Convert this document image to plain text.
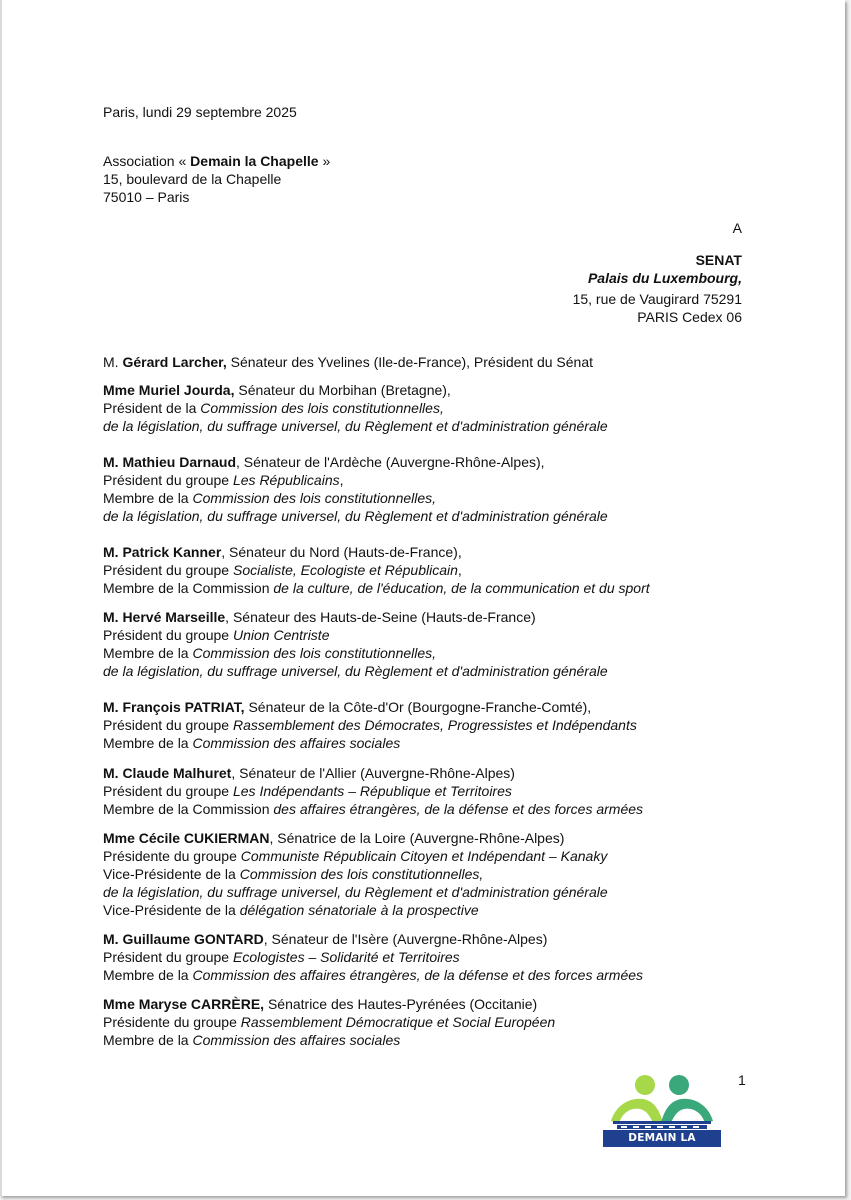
Paris, lundi 29 septembre 2025
Association « Demain la Chapelle »
15, boulevard de la Chapelle
75010 – Paris
A
SENAT
Palais du Luxembourg,
15, rue de Vaugirard 75291
PARIS Cedex 06
M. Gérard Larcher, Sénateur des Yvelines (Ile-de-France), Président du Sénat
Mme Muriel Jourda, Sénateur du Morbihan (Bretagne),
Président de la Commission des lois constitutionnelles,
de la législation, du suffrage universel, du Règlement et d'administration générale
M. Mathieu Darnaud, Sénateur de l'Ardèche (Auvergne-Rhône-Alpes),
Président du groupe Les Républicains,
Membre de la Commission des lois constitutionnelles,
de la législation, du suffrage universel, du Règlement et d'administration générale
M. Patrick Kanner, Sénateur du Nord (Hauts-de-France),
Président du groupe Socialiste, Ecologiste et Républicain,
Membre de la Commission de la culture, de l'éducation, de la communication et du sport
M. Hervé Marseille, Sénateur des Hauts-de-Seine (Hauts-de-France)
Président du groupe Union Centriste
Membre de la Commission des lois constitutionnelles,
de la législation, du suffrage universel, du Règlement et d'administration générale
M. François PATRIAT, Sénateur de la Côte-d'Or (Bourgogne-Franche-Comté),
Président du groupe Rassemblement des Démocrates, Progressistes et Indépendants
Membre de la Commission des affaires sociales
M. Claude Malhuret, Sénateur de l'Allier (Auvergne-Rhône-Alpes)
Président du groupe Les Indépendants – République et Territoires
Membre de la Commission des affaires étrangères, de la défense et des forces armées
Mme Cécile CUKIERMAN, Sénatrice de la Loire (Auvergne-Rhône-Alpes)
Présidente du groupe Communiste Républicain Citoyen et Indépendant – Kanaky
Vice-Présidente de la Commission des lois constitutionnelles,
de la législation, du suffrage universel, du Règlement et d'administration générale
Vice-Présidente de la délégation sénatoriale à la prospective
M. Guillaume GONTARD, Sénateur de l'Isère (Auvergne-Rhône-Alpes)
Président du groupe Ecologistes – Solidarité et Territoires
Membre de la Commission des affaires étrangères, de la défense et des forces armées
Mme Maryse CARRÈRE, Sénatrice des Hautes-Pyrénées (Occitanie)
Présidente du groupe Rassemblement Démocratique et Social Européen
Membre de la Commission des affaires sociales
1
DEMAIN LA CHAPELLE
